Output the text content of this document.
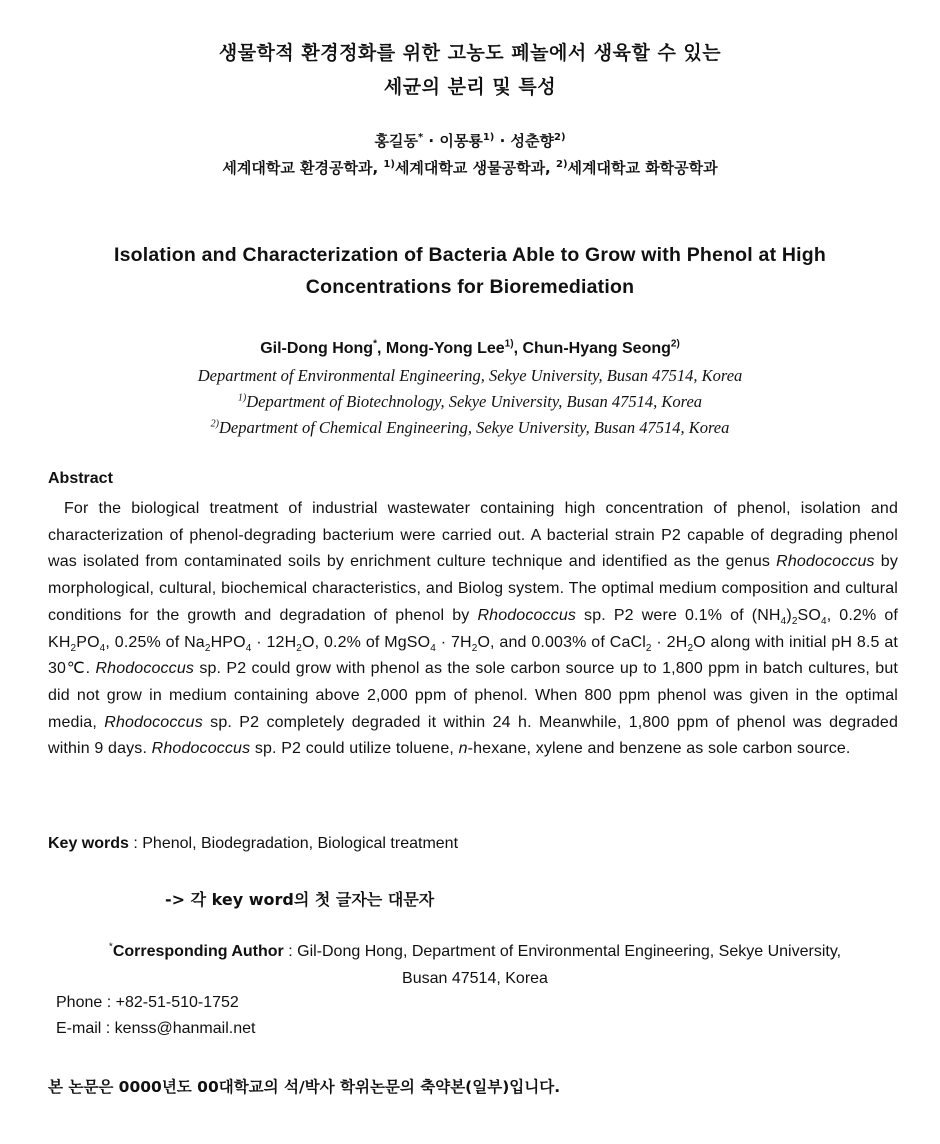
생물학적 환경정화를 위한 고농도 페놀에서 생육할 수 있는
세균의 분리 및 특성
홍길동* · 이몽룡$^{1)}$ · 성춘향$^{2)}$
세계대학교 환경공학과, $^{1)}$세계대학교 생물공학과, $^{2)}$세계대학교 화학공학과
Isolation and Characterization of Bacteria Able to Grow with Phenol at High
Concentrations for Bioremediation
Gil-Dong Hong*, Mong-Yong Lee$^{1)}$, Chun-Hyang Seong$^{2)}$
Department of Environmental Engineering, Sekye University, Busan 47514, Korea
$^{1)}$Department of Biotechnology, Sekye University, Busan 47514, Korea
$^{2)}$Department of Chemical Engineering, Sekye University, Busan 47514, Korea
Abstract
For the biological treatment of industrial wastewater containing high concentration of phenol, isolation and characterization of phenol-degrading bacterium were carried out. A bacterial strain P2 capable of degrading phenol was isolated from contaminated soils by enrichment culture technique and identified as the genus Rhodococcus by morphological, cultural, biochemical characteristics, and Biolog system. The optimal medium composition and cultural conditions for the growth and degradation of phenol by Rhodococcus sp. P2 were 0.1% of $(NH_4)_2SO_4$, 0.2% of $KH_2PO_4$, 0.25% of $Na_2HPO_4 \cdot 12H_2O$, 0.2% of MgSO$_4$ · $7H_2O$, and 0.003% of CaCl$_2$ · $2H_2O$ along with initial pH 8.5 at 30℃. Rhodococcus sp. P2 could grow with phenol as the sole carbon source up to 1,800 ppm in batch cultures, but did not grow in medium containing above 2,000 ppm of phenol. When 800 ppm phenol was given in the optimal media, Rhodococcus sp. P2 completely degraded it within 24 h. Meanwhile, 1,800 ppm of phenol was degraded within 9 days. Rhodococcus sp. P2 could utilize toluene, n-hexane, xylene and benzene as sole carbon source.
Key words : Phenol, Biodegradation, Biological treatment
-> 각 key word의 첫 글자는 대문자
*Corresponding Author : Gil-Dong Hong, Department of Environmental Engineering, Sekye University, Busan 47514, Korea
Phone : +82-51-510-1752
E-mail : kenss@hanmail.net
본 논문은 0000년도 00대학교의 석/박사 학위논문의 축약본(일부)입니다.
